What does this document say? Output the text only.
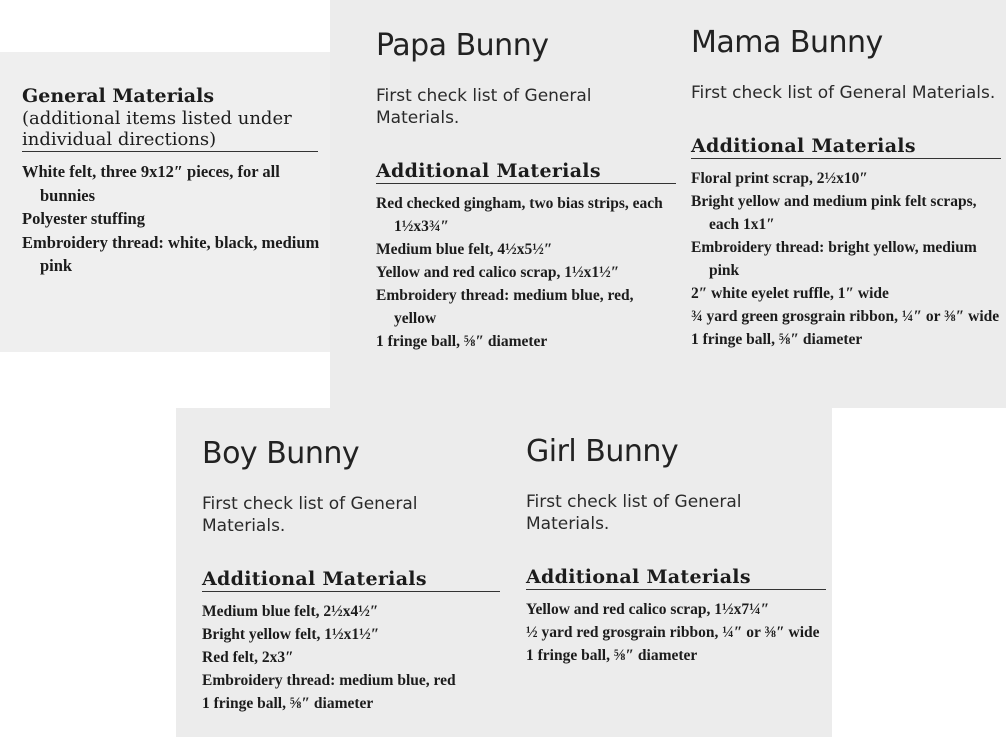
General Materials

(additional items listed under individual directions)

White felt, three 9x12″ pieces, for all bunnies
Polyester stuffing
Embroidery thread: white, black, medium pink
Papa Bunny

First check list of General Materials.

Additional Materials
Red checked gingham, two bias strips, each 1½x3¾″
Medium blue felt, 4½x5½″
Yellow and red calico scrap, 1½x1½″
Embroidery thread: medium blue, red, yellow
1 fringe ball, ⅝″ diameter
Mama Bunny

First check list of General Materials.

Additional Materials
Floral print scrap, 2½x10″
Bright yellow and medium pink felt scraps, each 1x1″
Embroidery thread: bright yellow, medium pink
2″ white eyelet ruffle, 1″ wide
¾ yard green grosgrain ribbon, ¼″ or ⅜″ wide
1 fringe ball, ⅝″ diameter
Boy Bunny

First check list of General Materials.

Additional Materials
Medium blue felt, 2½x4½″
Bright yellow felt, 1½x1½″
Red felt, 2x3″
Embroidery thread: medium blue, red
1 fringe ball, ⅝″ diameter
Girl Bunny

First check list of General Materials.

Additional Materials
Yellow and red calico scrap, 1½x7¼″
½ yard red grosgrain ribbon, ¼″ or ⅜″ wide
1 fringe ball, ⅝″ diameter
